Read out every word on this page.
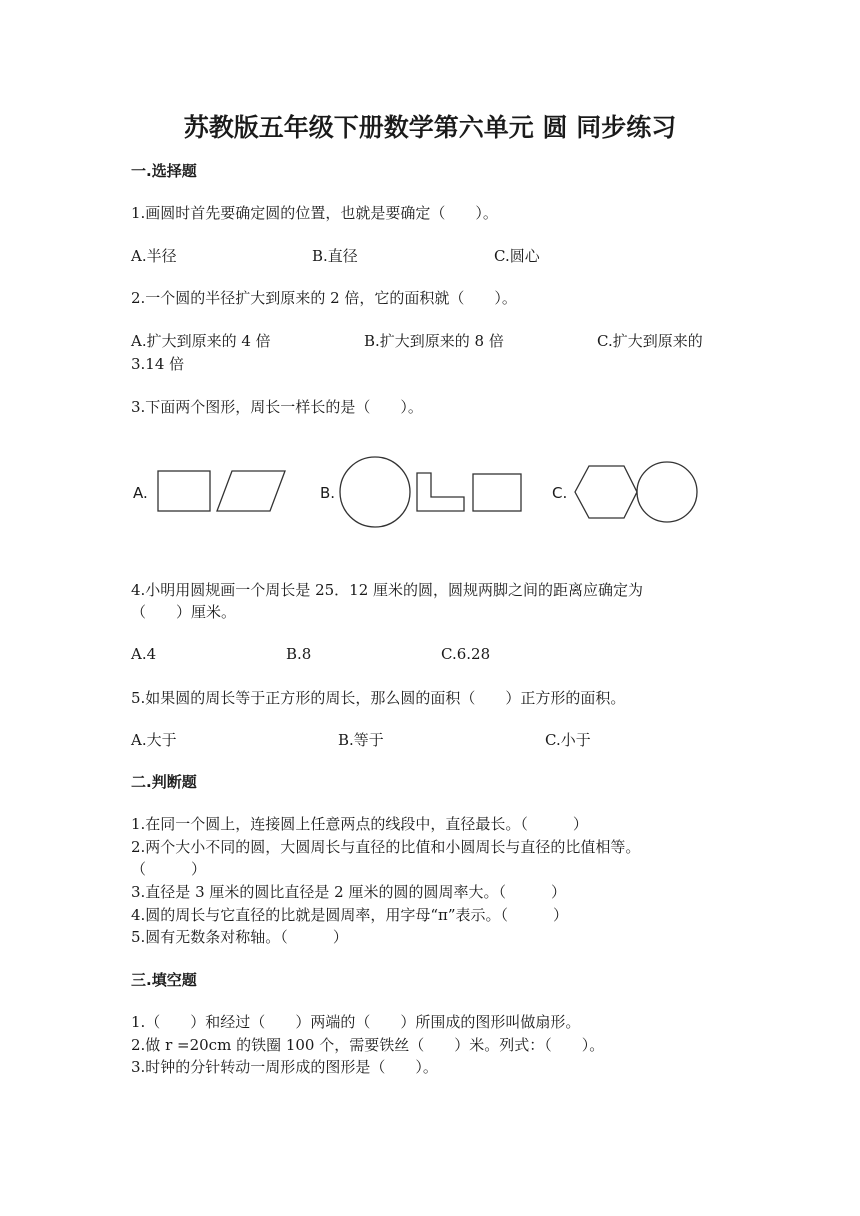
苏教版五年级下册数学第六单元 圆 同步练习
一.选择题
1.画圆时首先要确定圆的位置，也就是要确定（　　）。
A.半径	B.直径	C.圆心
2.一个圆的半径扩大到原来的 2 倍，它的面积就（　　）。
A.扩大到原来的 4 倍	B.扩大到原来的 8 倍	C.扩大到原来的
3.14 倍
3.下面两个图形，周长一样长的是（　　）。
A.	B.	C.
4.小明用圆规画一个周长是 25．12 厘米的圆，圆规两脚之间的距离应确定为
（　　）厘米。
A.4	B.8	C.6.28
5.如果圆的周长等于正方形的周长，那么圆的面积（　　）正方形的面积。
A.大于	B.等于	C.小于
二.判断题
1.在同一个圆上，连接圆上任意两点的线段中，直径最长。（　　　）
2.两个大小不同的圆，大圆周长与直径的比值和小圆周长与直径的比值相等。
（　　　）
3.直径是 3 厘米的圆比直径是 2 厘米的圆的圆周率大。（　　　）
4.圆的周长与它直径的比就是圆周率，用字母“π”表示。（　　　）
5.圆有无数条对称轴。（　　　）
三.填空题
1.（　　）和经过（　　）两端的（　　）所围成的图形叫做扇形。
2.做 r =20cm 的铁圈 100 个，需要铁丝（　　）米。列式：（　　）。
3.时钟的分针转动一周形成的图形是（　　）。
